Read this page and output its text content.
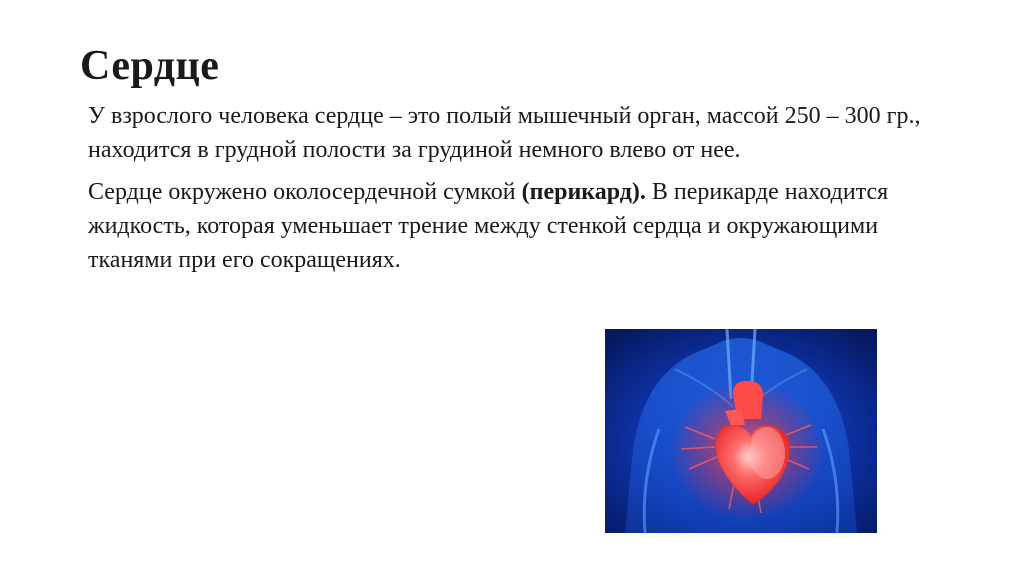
Сердце

У взрослого человека сердце – это полый мышечный орган, массой 250 – 300 гр., находится в грудной полости за грудиной немного влево от нее.

Сердце окружено околосердечной сумкой (перикард). В перикарде находится жидкость, которая уменьшает трение между стенкой сердца и окружающими тканями при его сокращениях.
